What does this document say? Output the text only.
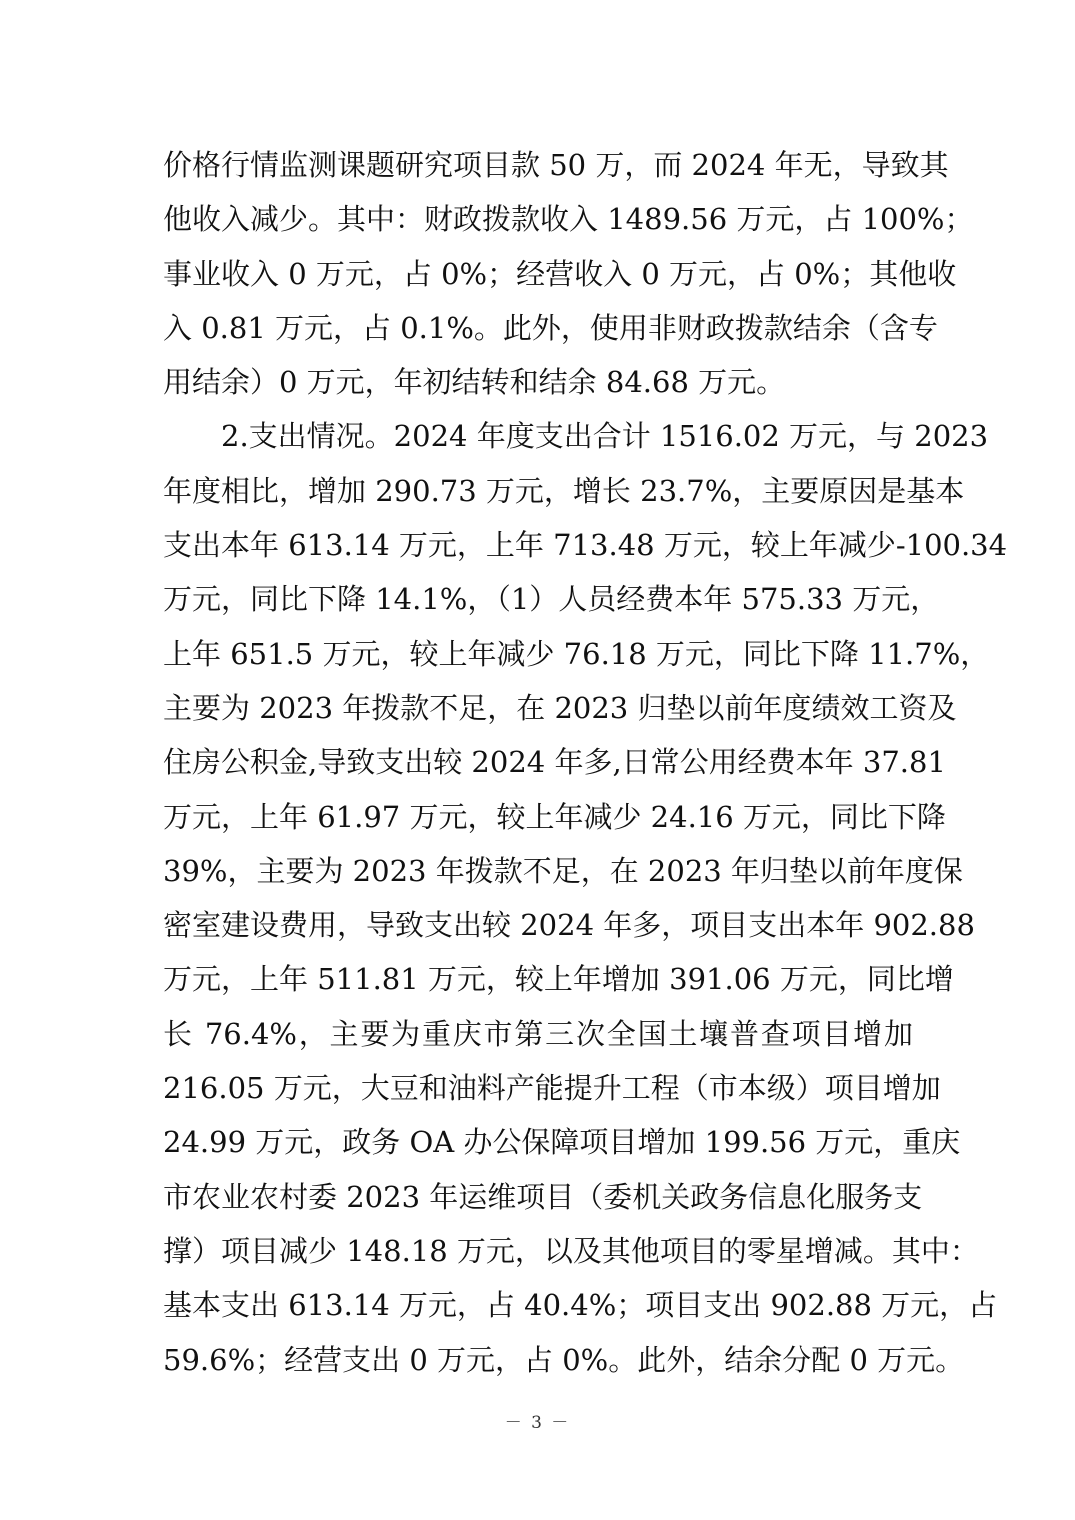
价格行情监测课题研究项目款 50 万，而 2024 年无，导致其
他收入减少。其中：财政拨款收入 1489.56 万元，占 100%；
事业收入 0 万元，占 0%；经营收入 0 万元，占 0%；其他收
入 0.81 万元，占 0.1%。此外，使用非财政拨款结余（含专
用结余）0 万元，年初结转和结余 84.68 万元。
2.支出情况。2024 年度支出合计 1516.02 万元，与 2023
年度相比，增加 290.73 万元，增长 23.7%，主要原因是基本
支出本年 613.14 万元，上年 713.48 万元，较上年减少-100.34
万元，同比下降 14.1%，（1）人员经费本年 575.33 万元，
上年 651.5 万元，较上年减少 76.18 万元，同比下降 11.7%，
主要为 2023 年拨款不足，在 2023 归垫以前年度绩效工资及
住房公积金,导致支出较 2024 年多,日常公用经费本年 37.81
万元，上年 61.97 万元，较上年减少 24.16 万元，同比下降
39%，主要为 2023 年拨款不足，在 2023 年归垫以前年度保
密室建设费用，导致支出较 2024 年多，项目支出本年 902.88
万元，上年 511.81 万元，较上年增加 391.06 万元，同比增
长 76.4%，主要为重庆市第三次全国土壤普查项目增加
216.05 万元，大豆和油料产能提升工程（市本级）项目增加
24.99 万元，政务 OA 办公保障项目增加 199.56 万元，重庆
市农业农村委 2023 年运维项目（委机关政务信息化服务支
撑）项目减少 148.18 万元，以及其他项目的零星增减。其中：
基本支出 613.14 万元，占 40.4%；项目支出 902.88 万元，占
59.6%；经营支出 0 万元，占 0%。此外，结余分配 0 万元。
－ 3 －
